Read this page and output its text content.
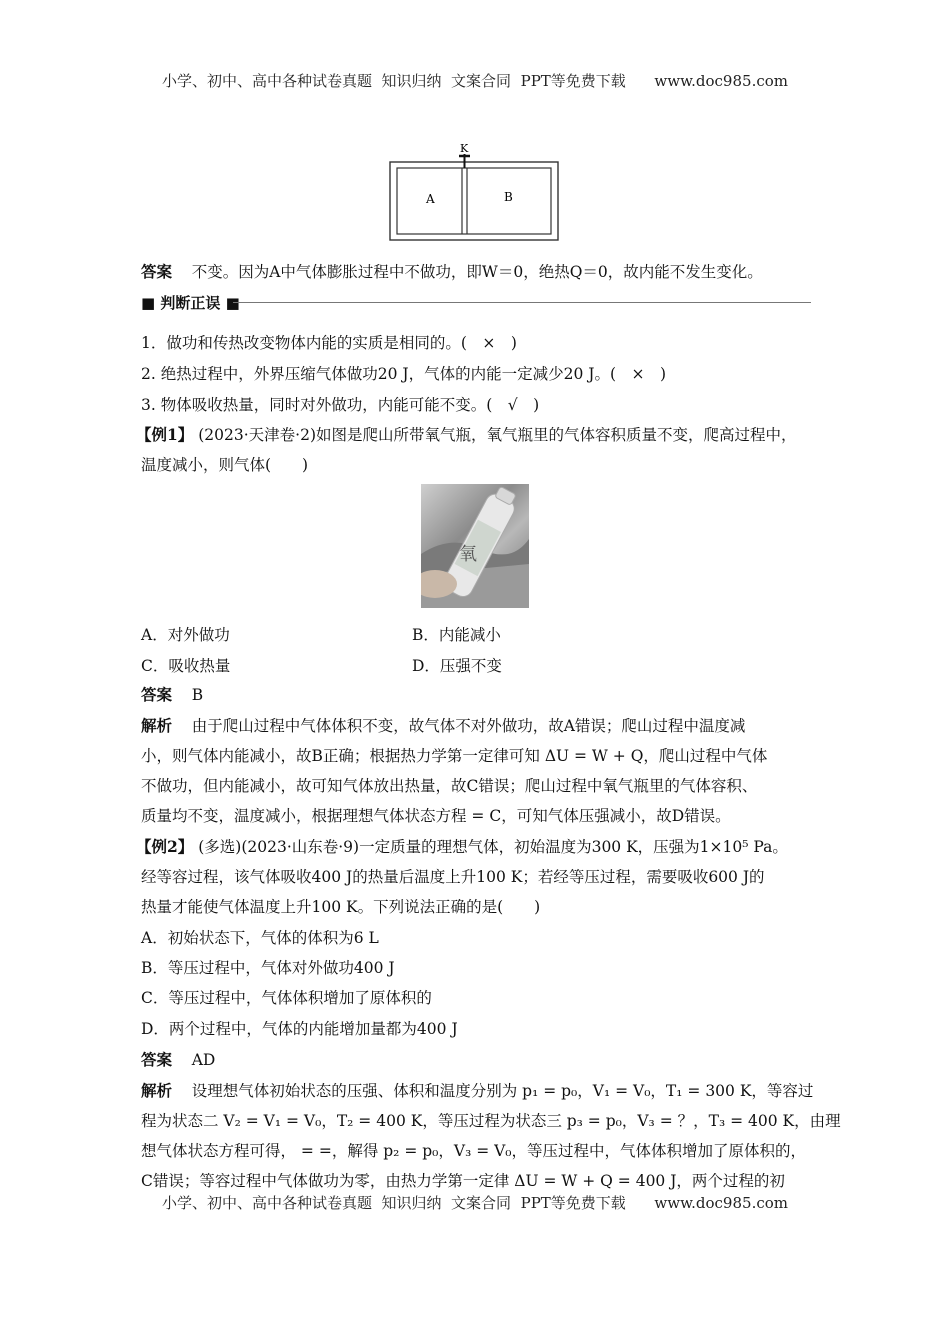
小学、初中、高中各种试卷真题  知识归纳  文案合同  PPT等免费下载      www.doc985.com
K
A	B
答案 不变。因为A中气体膨胀过程中不做功，即W＝0，绝热Q＝0，故内能不发生变化。
■ 判断正误 ■
1．做功和传热改变物体内能的实质是相同的。(　×　)
2. 绝热过程中，外界压缩气体做功20 J，气体的内能一定减少20 J。(　×　)
3. 物体吸收热量，同时对外做功，内能可能不变。(　√　)
【例1】 (2023·天津卷·2)如图是爬山所带氧气瓶，氧气瓶里的气体容积质量不变，爬高过程中，
温度减小，则气体(　　)
氧
A．对外做功	B．内能减小
C．吸收热量	D．压强不变
答案 B
解析 由于爬山过程中气体体积不变，故气体不对外做功，故A错误；爬山过程中温度减
小，则气体内能减小，故B正确；根据热力学第一定律可知 ΔU = W + Q，爬山过程中气体
不做功，但内能减小，故可知气体放出热量，故C错误；爬山过程中氧气瓶里的气体容积、
质量均不变，温度减小，根据理想气体状态方程 = C，可知气体压强减小，故D错误。
【例2】 (多选)(2023·山东卷·9)一定质量的理想气体，初始温度为300 K，压强为1×10⁵ Pa。
经等容过程，该气体吸收400 J的热量后温度上升100 K；若经等压过程，需要吸收600 J的
热量才能使气体温度上升100 K。下列说法正确的是(　　)
A．初始状态下，气体的体积为6 L
B．等压过程中，气体对外做功400 J
C．等压过程中，气体体积增加了原体积的
D．两个过程中，气体的内能增加量都为400 J
答案 AD
解析 设理想气体初始状态的压强、体积和温度分别为 p₁ = p₀，V₁ = V₀，T₁ = 300 K，等容过
程为状态二 V₂ = V₁ = V₀，T₂ = 400 K，等压过程为状态三 p₃ = p₀，V₃ = ？，T₃ = 400 K，由理
想气体状态方程可得， = =，解得 p₂ = p₀，V₃ = V₀，等压过程中，气体体积增加了原体积的，
C错误；等容过程中气体做功为零，由热力学第一定律 ΔU = W + Q = 400 J，两个过程的初
小学、初中、高中各种试卷真题  知识归纳  文案合同  PPT等免费下载      www.doc985.com
